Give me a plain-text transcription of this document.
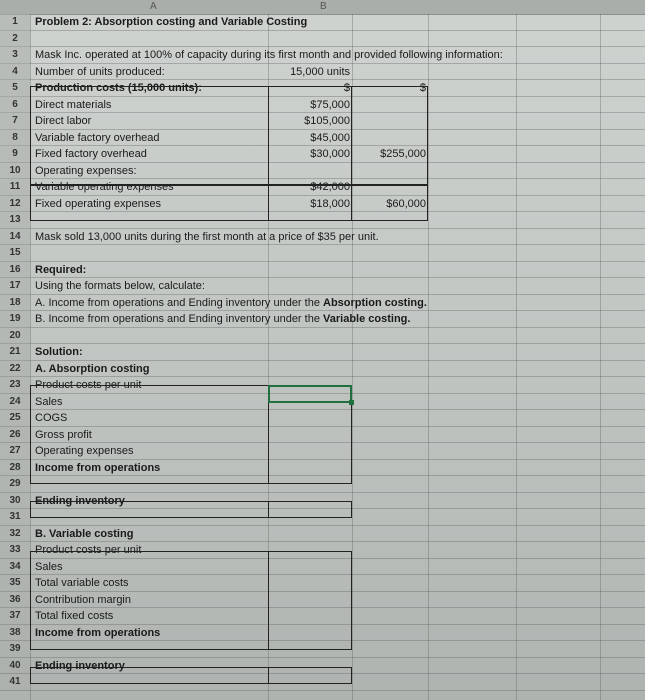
A	B
1	Problem 2: Absorption costing and Variable Costing
2
3	Mask Inc. operated at 100% of capacity during its first month and provided following information:
4	Number of units produced:	15,000 units
5	Production costs (15,000 units):	$	$
6	Direct materials	$75,000
7	Direct labor	$105,000
8	Variable factory overhead	$45,000
9	Fixed factory overhead	$30,000	$255,000
10	Operating expenses:
11	Variable operating expenses	$42,000
12	Fixed operating expenses	$18,000	$60,000
13
14	Mask sold 13,000 units during the first month at a price of $35 per unit.
15
16	Required:
17	Using the formats below, calculate:
18	A. Income from operations and Ending inventory under the Absorption costing.
19	B. Income from operations and Ending inventory under the Variable costing.
20
21	Solution:
22	A. Absorption costing
23	Product costs per unit
24	Sales
25	COGS
26	Gross profit
27	Operating expenses
28	Income from operations
29
30	Ending inventory
31
32	B. Variable costing
33	Product costs per unit
34	Sales
35	Total variable costs
36	Contribution margin
37	Total fixed costs
38	Income from operations
39
40	Ending inventory
41
